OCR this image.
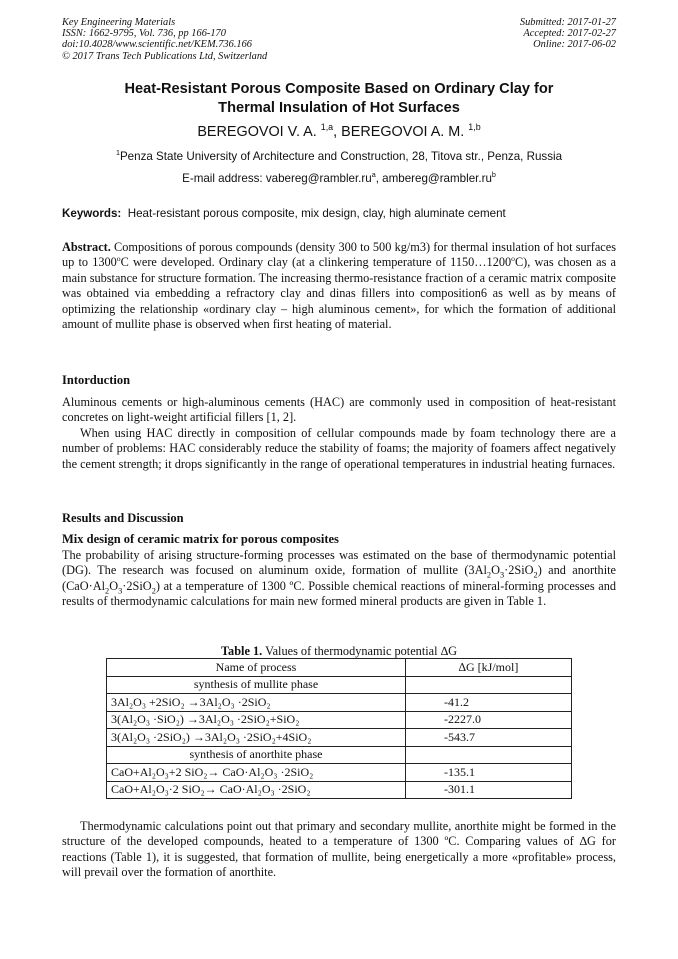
Key Engineering Materials
ISSN: 1662-9795, Vol. 736, pp 166-170
doi:10.4028/www.scientific.net/KEM.736.166
© 2017 Trans Tech Publications Ltd, Switzerland
Submitted: 2017-01-27
Accepted: 2017-02-27
Online: 2017-06-02
Heat-Resistant Porous Composite Based on Ordinary Clay for
Thermal Insulation of Hot Surfaces
BEREGOVOI V. A. $^{1,a}$, BEREGOVOI A. M. $^{1,b}$
$^1$Penza State University of Architecture and Construction, 28, Titova str., Penza, Russia
E-mail address: $vabereg@rambler.ru^a$, $ambereg@rambler.ru^b$
Keywords:  Heat-resistant porous composite, mix design, clay, high aluminate cement

Abstract. Compositions of porous compounds (density 300 to 500 kg/m3) for thermal insulation of hot surfaces up to 1300$^o$C were developed. Ordinary clay (at a clinkering temperature of 1150…1200$^o$C), was chosen as a main substance for structure formation. The increasing thermo-resistance fraction of a ceramic matrix composite was obtained via embedding a refractory clay and dinas fillers into composition6 as well as by means of optimizing the relationship «ordinary clay – high aluminous cement», for which the formation of additional amount of mullite phase is observed when first heating of material.

Intorduction

Aluminous cements or high-aluminous cements (HAC) are commonly used in composition of heat-resistant concretes on light-weight artificial fillers [1, 2].

When using HAC directly in composition of cellular compounds made by foam technology there are a number of problems: HAC considerably reduce the stability of foams; the majority of foamers affect negatively the cement strength; it drops significantly in the range of operational temperatures in industrial heating furnaces.

Results and Discussion
Mix design of ceramic matrix for porous composites

The probability of arising structure-forming processes was estimated on the base of thermodynamic potential (DG). The research was focused on aluminum oxide, formation of mullite $(3Al_2O_3\cdot 2SiO_2)$ and anorthite $(CaO\cdot Al_2O_3\cdot 2SiO_2)$ at a temperature of 1300 ºC. Possible chemical reactions of mineral-forming processes and results of thermodynamic calculations for main new formed mineral products are given in Table 1.

Table 1. Values of thermodynamic potential ∆G
Name of process	∆G [kJ/mol]
synthesis of mullite phase	
3Al₂O₃ +2SiO₂ →3Al₂O₃ ·2SiO₂	-41.2
3(Al₂O₃ ·SiO₂) →3Al₂O₃ ·2SiO₂+SiO₂	-2227.0
3(Al₂O₃ ·2SiO₂) →3Al₂O₃ ·2SiO₂+4SiO₂	-543.7
synthesis of anorthite phase	
CaO+Al₂O₃+2 SiO₂→ CaO·Al₂O₃ ·2SiO₂	-135.1
CaO+Al₂O₃·2 SiO₂→ CaO·Al₂O₃ ·2SiO₂	-301.1

Thermodynamic calculations point out that primary and secondary mullite, anorthite might be formed in the structure of the developed compounds, heated to a temperature of 1300 ºC. Comparing values of ∆G for reactions (Table 1), it is suggested, that formation of mullite, being energetically a more «profitable» process, will prevail over the formation of anorthite.
